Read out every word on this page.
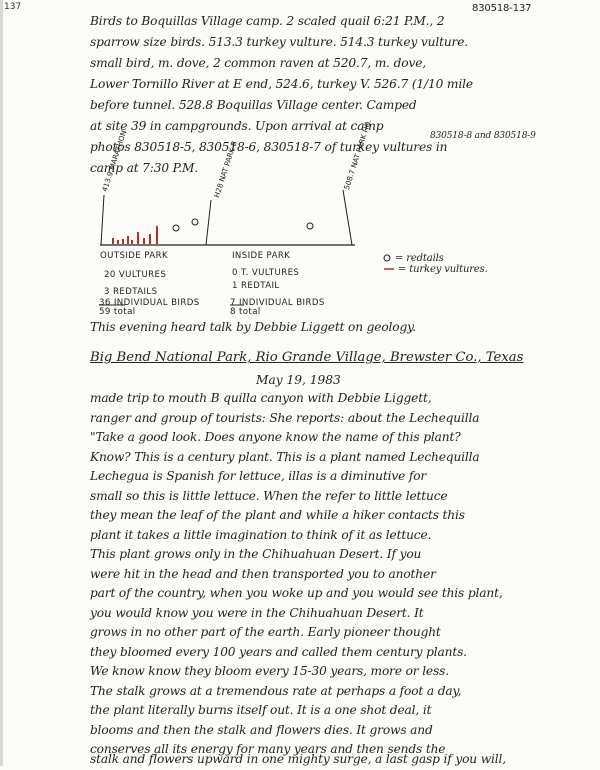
137	830518-137
Birds to Boquillas Village camp. 2 scaled quail 6:21 P.M., 2
sparrow size birds. 513.3 turkey vulture. 514.3 turkey vulture.
small bird, m. dove, 2 common raven at 520.7, m. dove,
Lower Tornillo River at E end, 524.6, turkey V. 526.7 (1/10 mile
before tunnel. 528.8 Boquillas Village center. Camped
at site 39 in campgrounds. Upon arrival at camp
830518-8 and 830518-9
photos 830518-5, 830518-6, 830518-7 of turkey vultures in
camp at 7:30 P.M.
413.9 MARATHON	H28 NAT PARK B	508.7 NAT PARK HQ.
OUTSIDE PARK
20 VULTURES
3 REDTAILS
36 INDIVIDUAL BIRDS
59 total
INSIDE PARK
0 T. VULTURES
1 REDTAIL
7 INDIVIDUAL BIRDS
8 total
= redtails
= turkey vultures.
This evening heard talk by Debbie Liggett on geology.
Big Bend National Park, Rio Grande Village, Brewster Co., Texas
May 19, 1983
made trip to mouth B quilla canyon with Debbie Liggett,
ranger and group of tourists: She reports: about the Lechequilla
"Take a good look. Does anyone know the name of this plant?
Know? This is a century plant. This is a plant named Lechequilla
Lechegua is Spanish for lettuce, illas is a diminutive for
small so this is little lettuce. When the refer to little lettuce
they mean the leaf of the plant and while a hiker contacts this
plant it takes a little imagination to think of it as lettuce.
This plant grows only in the Chihuahuan Desert. If you
were hit in the head and then transported you to another
part of the country, when you woke up and you would see this plant,
you would know you were in the Chihuahuan Desert. It
grows in no other part of the earth. Early pioneer thought
they bloomed every 100 years and called them century plants.
We know know they bloom every 15-30 years, more or less.
The stalk grows at a tremendous rate at perhaps a foot a day,
the plant literally burns itself out. It is a one shot deal, it
blooms and then the stalk and flowers dies. It grows and
conserves all its energy for many years and then sends the
stalk and flowers upward in one mighty surge, a last gasp if you will,
